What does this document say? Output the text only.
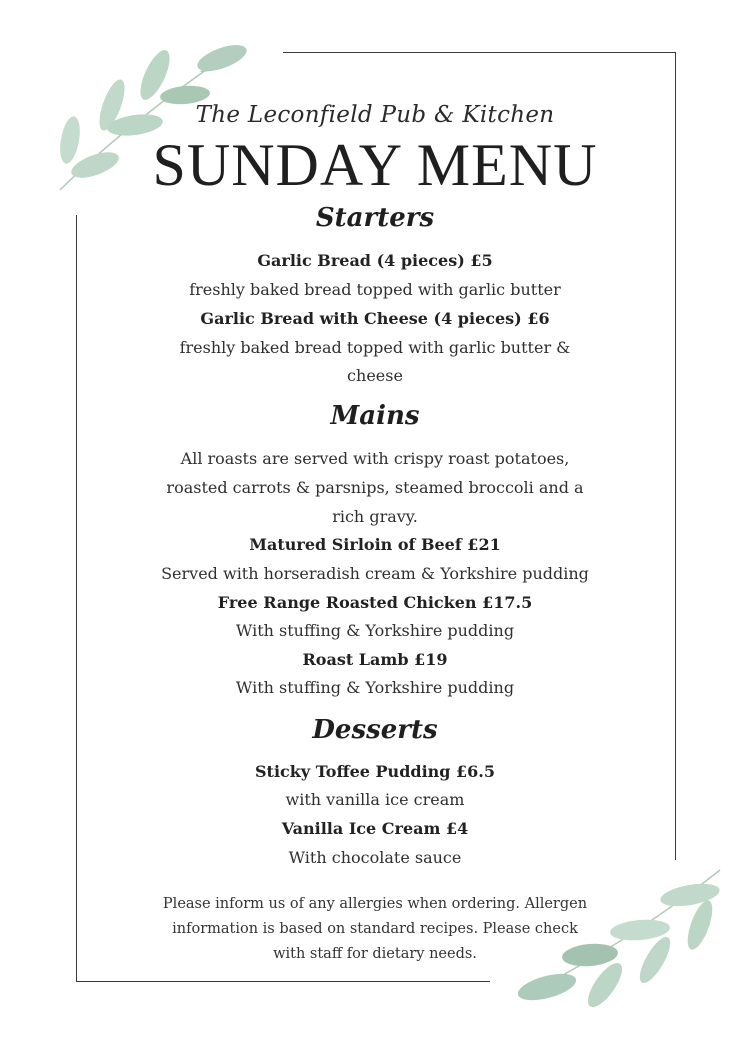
The Leconfield Pub & Kitchen
SUNDAY MENU
Starters
Garlic Bread (4 pieces) £5
freshly baked bread topped with garlic butter
Garlic Bread with Cheese (4 pieces) £6
freshly baked bread topped with garlic butter &
cheese
Mains
All roasts are served with crispy roast potatoes,
roasted carrots & parsnips, steamed broccoli and a
rich gravy.
Matured Sirloin of Beef £21
Served with horseradish cream & Yorkshire pudding
Free Range Roasted Chicken £17.5
With stuffing & Yorkshire pudding
Roast Lamb £19
With stuffing & Yorkshire pudding
Desserts
Sticky Toffee Pudding £6.5
with vanilla ice cream
Vanilla Ice Cream £4
With chocolate sauce
Please inform us of any allergies when ordering. Allergen
information is based on standard recipes. Please check
with staff for dietary needs.
